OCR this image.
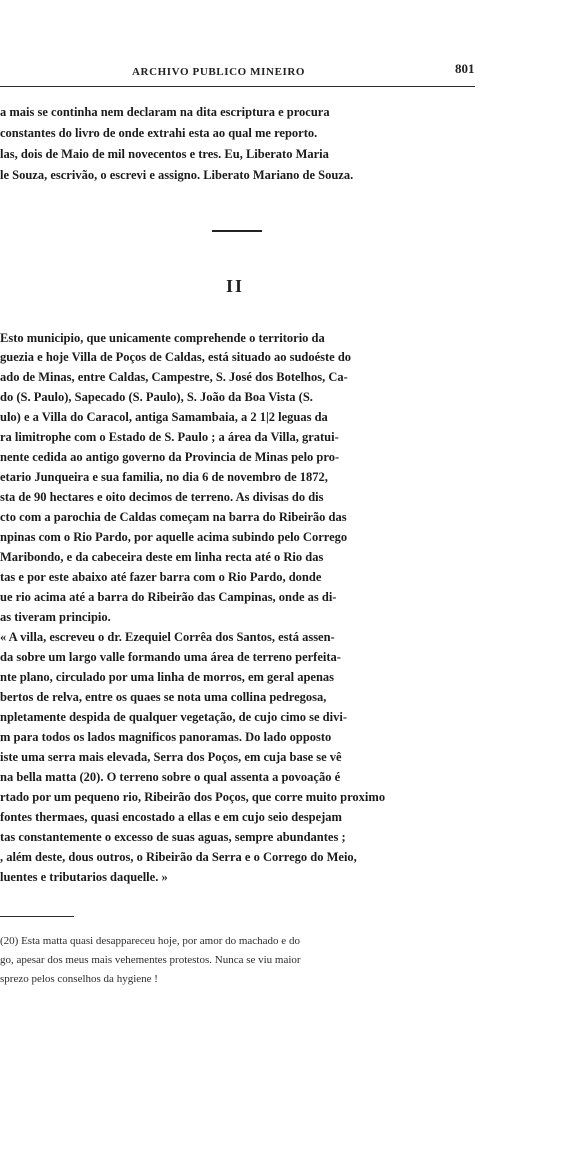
ARCHIVO PUBLICO MINEIRO	801
a mais se continha nem declaram na dita escriptura e procura
constantes do livro de onde extrahi esta ao qual me reporto.
las, dois de Maio de mil novecentos e tres. Eu, Liberato Maria
le Souza, escrivão, o escrevi e assigno. Liberato Mariano de Souza.
II
Esto municipio, que unicamente comprehende o territorio da
guezia e hoje Villa de Poços de Caldas, está situado ao sudoéste do
ado de Minas, entre Caldas, Campestre, S. José dos Botelhos, Ca-
do (S. Paulo), Sapecado (S. Paulo), S. João da Boa Vista (S.
ulo) e a Villa do Caracol, antiga Samambaia, a 2 1|2 leguas da
ra limitrophe com o Estado de S. Paulo ; a área da Villa, gratui-
nente cedida ao antigo governo da Provincia de Minas pelo pro-
etario Junqueira e sua familia, no dia 6 de novembro de 1872,
sta de 90 hectares e oito decimos de terreno. As divisas do dis
cto com a parochia de Caldas começam na barra do Ribeirão das
npinas com o Rio Pardo, por aquelle acima subindo pelo Corrego
Maribondo, e da cabeceira deste em linha recta até o Rio das
tas e por este abaixo até fazer barra com o Rio Pardo, donde
ue rio acima até a barra do Ribeirão das Campinas, onde as di-
as tiveram principio.
« A villa, escreveu o dr. Ezequiel Corrêa dos Santos, está assen-
da sobre um largo valle formando uma área de terreno perfeita-
nte plano, circulado por uma linha de morros, em geral apenas
bertos de relva, entre os quaes se nota uma collina pedregosa,
npletamente despida de qualquer vegetação, de cujo cimo se divi-
m para todos os lados magnificos panoramas. Do lado opposto
iste uma serra mais elevada, Serra dos Poços, em cuja base se vê
na bella matta (20). O terreno sobre o qual assenta a povoação é
rtado por um pequeno rio, Ribeirão dos Poços, que corre muito proximo
fontes thermaes, quasi encostado a ellas e em cujo seio despejam
tas constantemente o excesso de suas aguas, sempre abundantes ;
, além deste, dous outros, o Ribeirão da Serra e o Corrego do Meio,
luentes e tributarios daquelle. »
(20) Esta matta quasi desappareceu hoje, por amor do machado e do
go, apesar dos meus mais vehementes protestos. Nunca se viu maior
sprezo pelos conselhos da hygiene !
